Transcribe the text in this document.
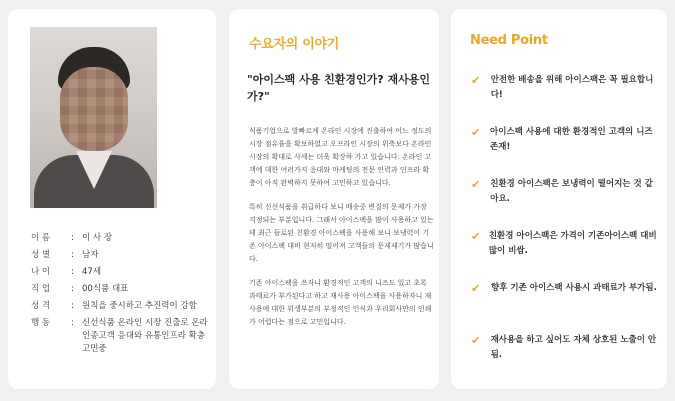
이 름	: 이 사 장
성 별	: 남자
나 이	: 47세
직 업	: 00식품 대표
성 격	: 원칙을 중시하고 추진력이 강함
행 동	: 신선식품 온라인 시장 진출로 온라인종고객 응대와 유통인프라 확충 고민중
수요자의 이야기
"아이스팩 사용 친환경인가? 재사용인가?"

식품기업으로 발빠르게 온라인 시장에 진출하여 어느 정도의 시장 점유율을 확보하였고 오프라인 시장의 위축보다 온라인 시장의 확대로 사세는 더욱 확장하 가고 있습니다. 온라인 고객에 대한 여러가지 응대와 마케팅의 전문 인력과 인프라 확충이 아직 완벽하지 못하여 고민하고 있습니다.

특히 신선식품을 취급하다 보니 배송중 변질의 문제가 가장 걱정되는 부분입니다. 그래서 아이스팩을 많이 사용하고 있는데 최근 들로된 친환경 아이스팩을 사용해 보니 보냉력이 기존 아이스팩 대비 현저히 떨어져 고객들의 문제제기가 많습니다.

기존 아이스팩을 쓰자니 환경적인 고객의 니즈도 있고 초록 과태료가 부가된다고 하고 재사용 아이스팩을 사용하자니 재사용에 대한 위생부분의 부정적인 인식과 우리회사만의 인쇄가 어렵다는 점으로 고민입니다.

Need Point
✔ 안전한 배송을 위해 아이스팩은 꼭 필요합니다!
✔ 아이스팩 사용에 대한 환경적인 고객의 니즈 존재!
✔ 친환경 아이스팩은 보냉력이 떨어지는 것 같아요.
✔ 친환경 아이스팩은 가격이 기존아이스팩 대비 많이 비쌈.
✔	향후 기존 아이스팩 사용시 과태료가 부가됨.
✔ 재사용을 하고 싶어도 자체 상호된 노출이 안됨.
